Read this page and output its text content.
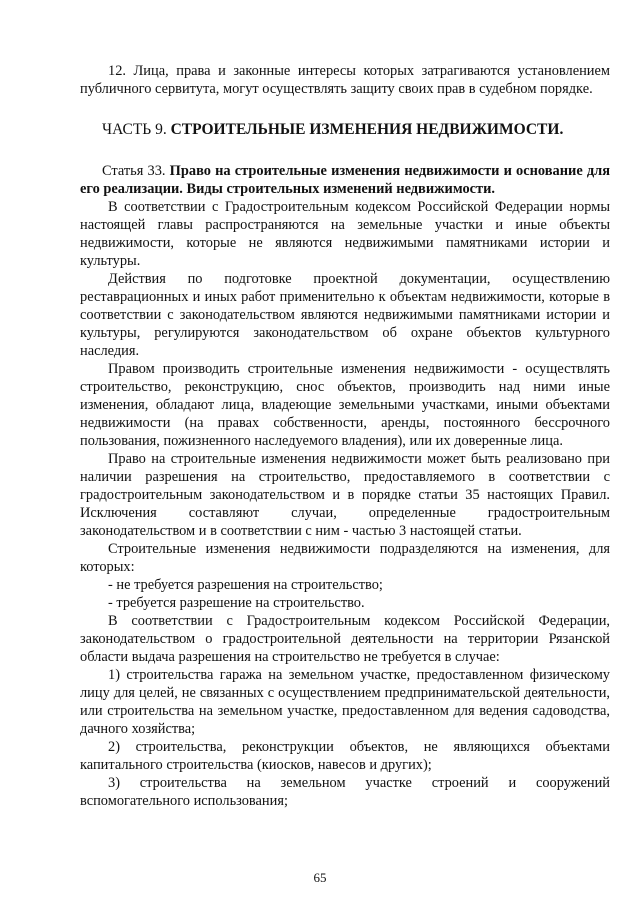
12. Лица, права и законные интересы которых затрагиваются установлением публичного сервитута, могут осуществлять защиту своих прав в судебном порядке.

ЧАСТЬ 9. СТРОИТЕЛЬНЫЕ ИЗМЕНЕНИЯ НЕДВИЖИМОСТИ.

Статья 33. Право на строительные изменения недвижимости и основание для его реализации. Виды строительных изменений недвижимости.

В соответствии с Градостроительным кодексом Российской Федерации нормы настоящей главы распространяются на земельные участки и иные объекты недвижимости, которые не являются недвижимыми памятниками истории и культуры.

Действия по подготовке проектной документации, осуществлению реставрационных и иных работ применительно к объектам недвижимости, которые в соответствии с законодательством являются недвижимыми памятниками истории и культуры, регулируются законодательством об охране объектов культурного наследия.

Правом производить строительные изменения недвижимости - осуществлять строительство, реконструкцию, снос объектов, производить над ними иные изменения, обладают лица, владеющие земельными участками, иными объектами недвижимости (на правах собственности, аренды, постоянного бессрочного пользования, пожизненного наследуемого владения), или их доверенные лица.

Право на строительные изменения недвижимости может быть реализовано при наличии разрешения на строительство, предоставляемого в соответствии с градостроительным законодательством и в порядке статьи 35 настоящих Правил. Исключения составляют случаи, определенные градостроительным законодательством и в соответствии с ним - частью 3 настоящей статьи.

Строительные изменения недвижимости подразделяются на изменения, для которых:

- не требуется разрешения на строительство;

- требуется разрешение на строительство.

В соответствии с Градостроительным кодексом Российской Федерации, законодательством о градостроительной деятельности на территории Рязанской области выдача разрешения на строительство не требуется в случае:

1) строительства гаража на земельном участке, предоставленном физическому лицу для целей, не связанных с осуществлением предпринимательской деятельности, или строительства на земельном участке, предоставленном для ведения садоводства, дачного хозяйства;

2) строительства, реконструкции объектов, не являющихся объектами капитального строительства (киосков, навесов и других);

3) строительства на земельном участке строений и сооружений вспомогательного использования;

65
